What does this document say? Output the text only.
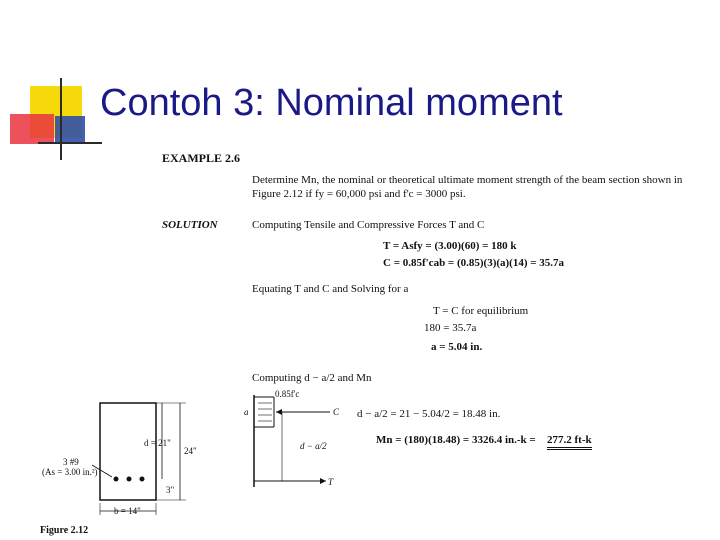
Contoh 3: Nominal moment
EXAMPLE 2.6
Determine Mn, the nominal or theoretical ultimate moment strength of the beam section shown in
Figure 2.12 if fy = 60,000 psi and f'c = 3000 psi.
SOLUTION	Computing Tensile and Compressive Forces T and C
T = Asfy = (3.00)(60) = 180 k
C = 0.85f'cab = (0.85)(3)(a)(14) = 35.7a
Equating T and C and Solving for a
T = C for equilibrium
180 = 35.7a
a = 5.04 in.
Computing d − a/2 and Mn
d − a/2 = 21 − 5.04/2 = 18.48 in.
Mn = (180)(18.48) = 3326.4 in.-k = 277.2 ft-k
3 #9
(As = 3.00 in.²)
d = 21"
24"
3"
b = 14"
Figure 2.12
0.85f'c
a	C
d − a/2
T
